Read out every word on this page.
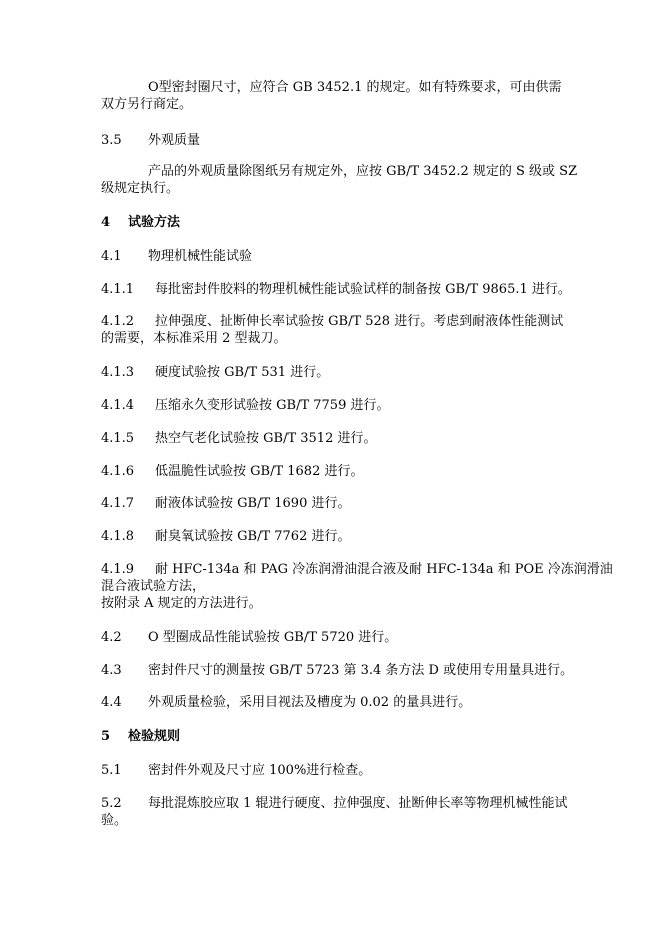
O型密封圈尺寸，应符合 GB 3452.1 的规定。如有特殊要求，可由供需
双方另行商定。
3.5 外观质量
产品的外观质量除图纸另有规定外，应按 GB/T 3452.2 规定的 S 级或 SZ
级规定执行。
4 试验方法
4.1 物理机械性能试验
4.1.1 每批密封件胶料的物理机械性能试验试样的制备按 GB/T 9865.1 进行。
4.1.2 拉伸强度、扯断伸长率试验按 GB/T 528 进行。考虑到耐液体性能测试
的需要，本标准采用 2 型裁刀。
4.1.3 硬度试验按 GB/T 531 进行。
4.1.4 压缩永久变形试验按 GB/T 7759 进行。
4.1.5 热空气老化试验按 GB/T 3512 进行。
4.1.6 低温脆性试验按 GB/T 1682 进行。
4.1.7 耐液体试验按 GB/T 1690 进行。
4.1.8 耐臭氧试验按 GB/T 7762 进行。
4.1.9 耐 HFC-134a 和 PAG 冷冻润滑油混合液及耐 HFC-134a 和 POE 冷冻润滑油
混合液试验方法，
按附录 A 规定的方法进行。
4.2 O 型圈成品性能试验按 GB/T 5720 进行。
4.3 密封件尺寸的测量按 GB/T 5723 第 3.4 条方法 D 或使用专用量具进行。
4.4 外观质量检验，采用目视法及槽度为 0.02 的量具进行。
5 检验规则
5.1 密封件外观及尺寸应 100%进行检查。
5.2 每批混炼胶应取 1 辊进行硬度、拉伸强度、扯断伸长率等物理机械性能试
验。
